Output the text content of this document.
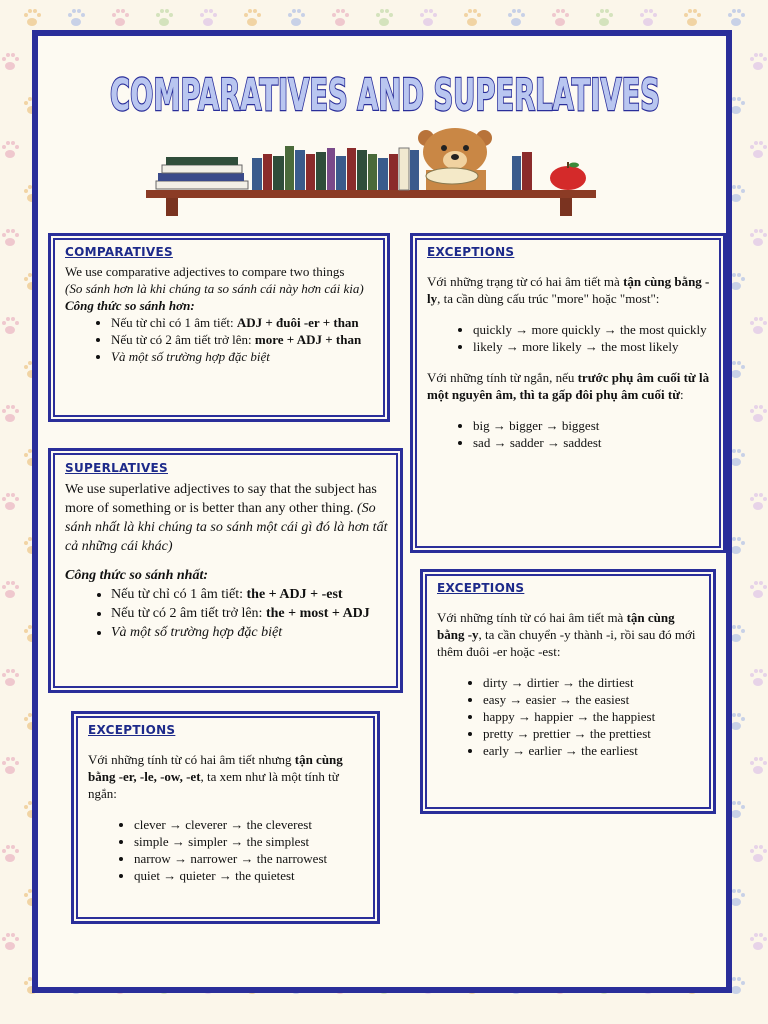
COMPARATIVES AND SUPERLATIVES
COMPARATIVES

We use comparative adjectives to compare two things

(So sánh hơn là khi chúng ta so sánh cái này hơn cái kia)

Công thức so sánh hơn:

• Nếu từ chỉ có 1 âm tiết: ADJ + đuôi -er + than
• Nếu từ có 2 âm tiết trở lên: more + ADJ + than
• Và một số trường hợp đặc biệt
SUPERLATIVES

We use superlative adjectives to say that the subject has more of something or is better than any other thing. (So sánh nhất là khi chúng ta so sánh một cái gì đó là hơn tất cả những cái khác)

Công thức so sánh nhất:

• Nếu từ chỉ có 1 âm tiết: the + ADJ + -est
• Nếu từ có 2 âm tiết trở lên: the + most + ADJ
• Và một số trường hợp đặc biệt
EXCEPTIONS

Với những trạng từ có hai âm tiết mà tận cùng bằng -ly, ta cần dùng cấu trúc "more" hoặc "most":

• quickly → more quickly → the most quickly
• likely → more likely → the most likely

Với những tính từ ngắn, nếu trước phụ âm cuối từ là một nguyên âm, thì ta gấp đôi phụ âm cuối từ:

• big → bigger → biggest
• sad → sadder → saddest
EXCEPTIONS

Với những tính từ có hai âm tiết mà tận cùng bằng -y, ta cần chuyển -y thành -i, rồi sau đó mới thêm đuôi -er hoặc -est:

• dirty → dirtier → the dirtiest
• easy → easier → the easiest
• happy → happier → the happiest
• pretty → prettier → the prettiest
• early → earlier → the earliest
EXCEPTIONS

Với những tính từ có hai âm tiết nhưng tận cùng bằng -er, -le, -ow, -et, ta xem như là một tính từ ngắn:

• clever → cleverer → the cleverest
• simple → simpler → the simplest
• narrow → narrower → the narrowest
• quiet → quieter → the quietest
